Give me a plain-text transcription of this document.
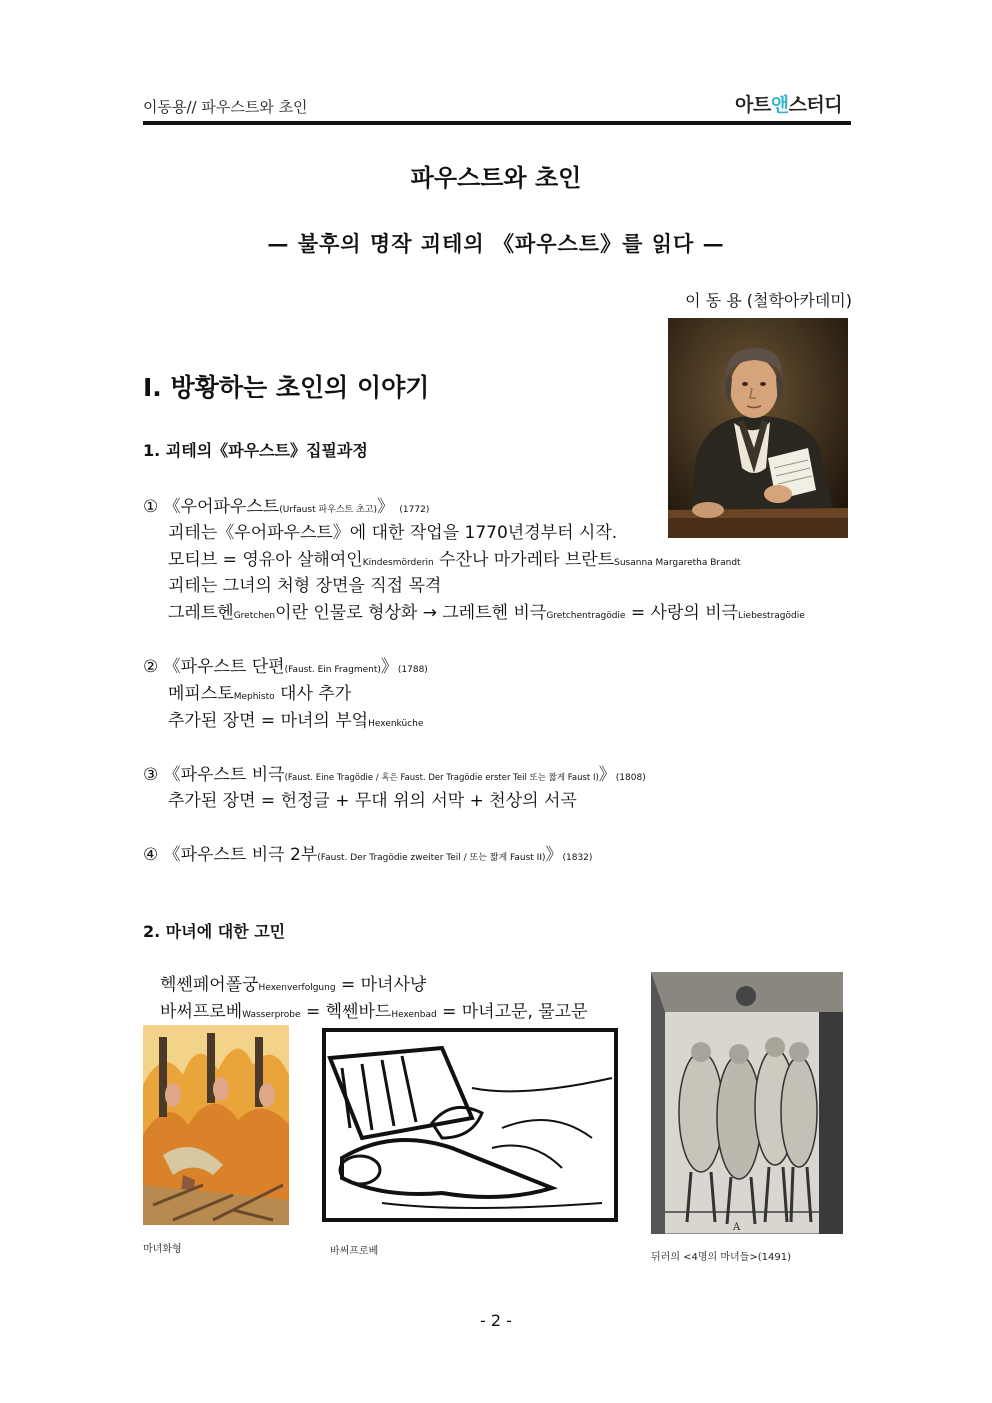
이동용// 파우스트와 초인	아트앤스터디
파우스트와 초인
— 불후의 명작 괴테의 《파우스트》를 읽다 —
이 동 용 (철학아카데미)
I. 방황하는 초인의 이야기
1. 괴테의《파우스트》집필과정
① 《우어파우스트(Urfaust 파우스트 초고)》 (1772)
괴테는《우어파우스트》에 대한 작업을 1770년경부터 시작.
모티브 = 영유아 살해여인Kindesmörderin 수잔나 마가레타 브란트Susanna Margaretha Brandt
괴테는 그녀의 처형 장면을 직접 목격
그레트헨Gretchen이란 인물로 형상화 → 그레트헨 비극Gretchentragödie = 사랑의 비극Liebestragödie
② 《파우스트 단편(Faust. Ein Fragment)》(1788)
메피스토Mephisto 대사 추가
추가된 장면 = 마녀의 부엌Hexenküche
③ 《파우스트 비극(Faust. Eine Tragödie / 혹은 Faust. Der Tragödie erster Teil 또는 짧게 Faust I)》(1808)
추가된 장면 = 헌정글 + 무대 위의 서막 + 천상의 서곡
④ 《파우스트 비극 2부(Faust. Der Tragödie zweiter Teil / 또는 짧게 Faust II)》(1832)
2. 마녀에 대한 고민
헥쎈페어폴궁Hexenverfolgung = 마녀사냥
바써프로베Wasserprobe = 헥쎈바드Hexenbad = 마녀고문, 물고문
마녀화형	바써프로베
A
뒤러의 <4명의 마녀들>(1491)
- 2 -
